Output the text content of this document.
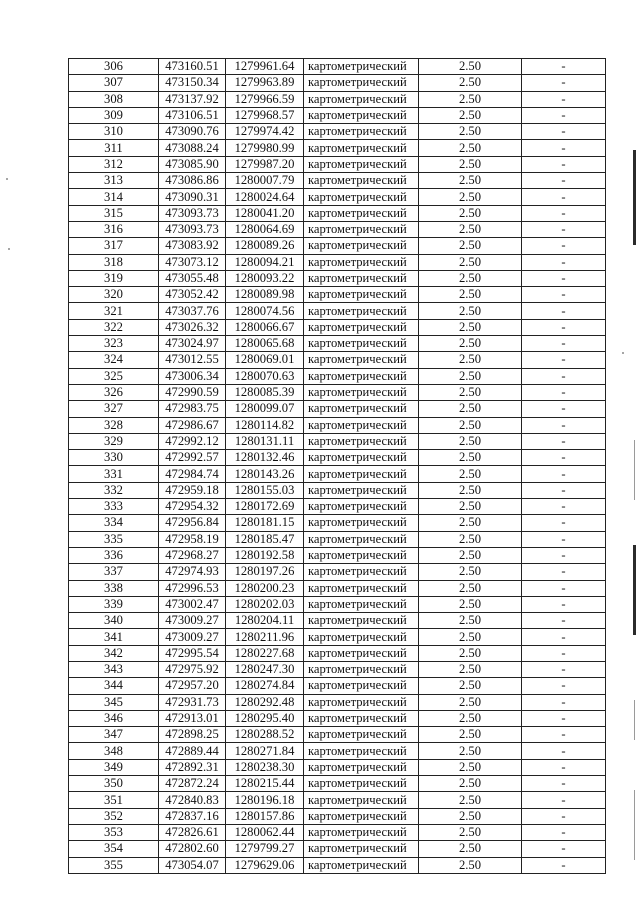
306	473160.51	1279961.64	картометрический	2.50	-
307	473150.34	1279963.89	картометрический	2.50	-
308	473137.92	1279966.59	картометрический	2.50	-
309	473106.51	1279968.57	картометрический	2.50	-
310	473090.76	1279974.42	картометрический	2.50	-
311	473088.24	1279980.99	картометрический	2.50	-
312	473085.90	1279987.20	картометрический	2.50	-
313	473086.86	1280007.79	картометрический	2.50	-
314	473090.31	1280024.64	картометрический	2.50	-
315	473093.73	1280041.20	картометрический	2.50	-
316	473093.73	1280064.69	картометрический	2.50	-
317	473083.92	1280089.26	картометрический	2.50	-
318	473073.12	1280094.21	картометрический	2.50	-
319	473055.48	1280093.22	картометрический	2.50	-
320	473052.42	1280089.98	картометрический	2.50	-
321	473037.76	1280074.56	картометрический	2.50	-
322	473026.32	1280066.67	картометрический	2.50	-
323	473024.97	1280065.68	картометрический	2.50	-
324	473012.55	1280069.01	картометрический	2.50	-
325	473006.34	1280070.63	картометрический	2.50	-
326	472990.59	1280085.39	картометрический	2.50	-
327	472983.75	1280099.07	картометрический	2.50	-
328	472986.67	1280114.82	картометрический	2.50	-
329	472992.12	1280131.11	картометрический	2.50	-
330	472992.57	1280132.46	картометрический	2.50	-
331	472984.74	1280143.26	картометрический	2.50	-
332	472959.18	1280155.03	картометрический	2.50	-
333	472954.32	1280172.69	картометрический	2.50	-
334	472956.84	1280181.15	картометрический	2.50	-
335	472958.19	1280185.47	картометрический	2.50	-
336	472968.27	1280192.58	картометрический	2.50	-
337	472974.93	1280197.26	картометрический	2.50	-
338	472996.53	1280200.23	картометрический	2.50	-
339	473002.47	1280202.03	картометрический	2.50	-
340	473009.27	1280204.11	картометрический	2.50	-
341	473009.27	1280211.96	картометрический	2.50	-
342	472995.54	1280227.68	картометрический	2.50	-
343	472975.92	1280247.30	картометрический	2.50	-
344	472957.20	1280274.84	картометрический	2.50	-
345	472931.73	1280292.48	картометрический	2.50	-
346	472913.01	1280295.40	картометрический	2.50	-
347	472898.25	1280288.52	картометрический	2.50	-
348	472889.44	1280271.84	картометрический	2.50	-
349	472892.31	1280238.30	картометрический	2.50	-
350	472872.24	1280215.44	картометрический	2.50	-
351	472840.83	1280196.18	картометрический	2.50	-
352	472837.16	1280157.86	картометрический	2.50	-
353	472826.61	1280062.44	картометрический	2.50	-
354	472802.60	1279799.27	картометрический	2.50	-
355	473054.07	1279629.06	картометрический	2.50	-
